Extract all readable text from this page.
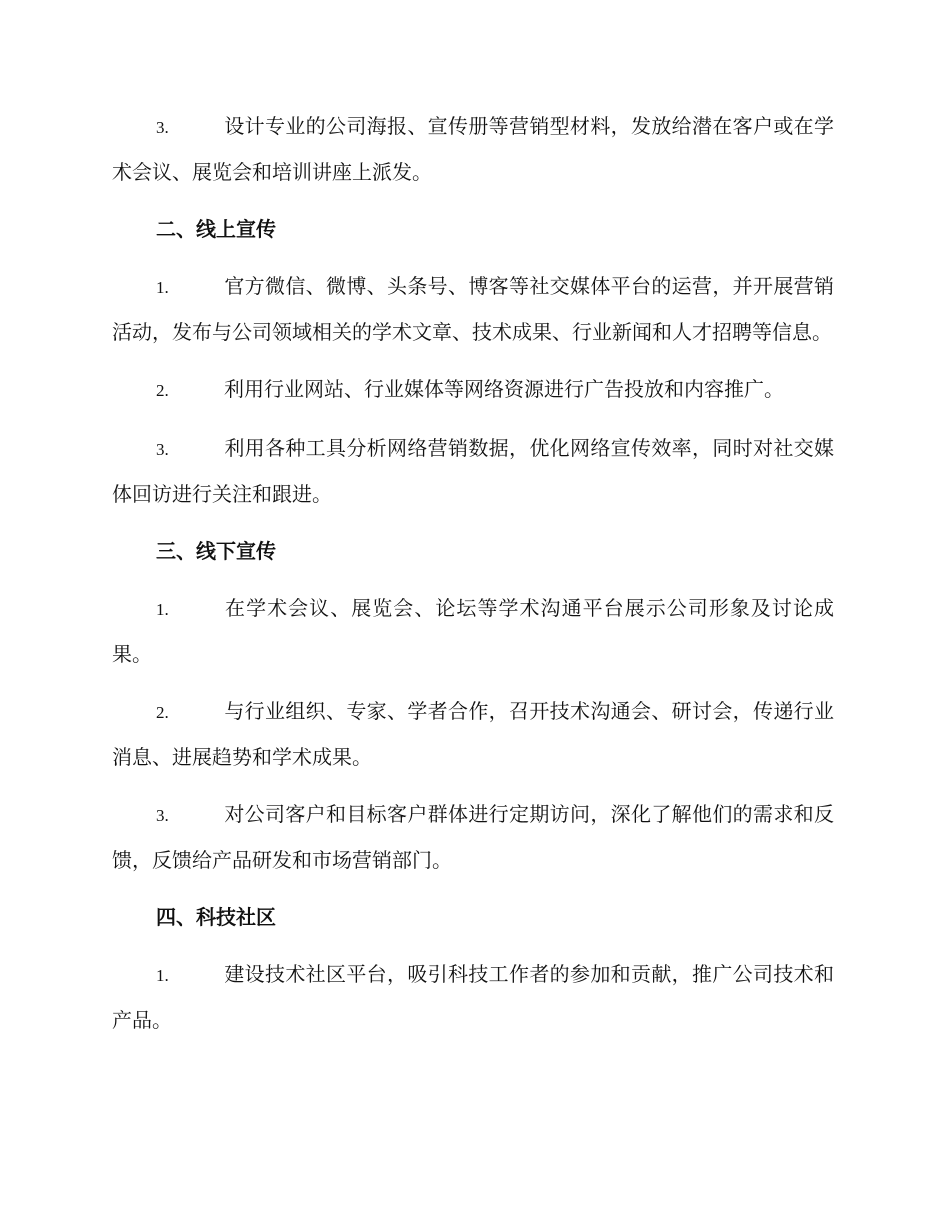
3.	设计专业的公司海报、宣传册等营销型材料，发放给潜在客户或在学术会议、展览会和培训讲座上派发。

二、线上宣传

1.	官方微信、微博、头条号、博客等社交媒体平台的运营，并开展营销活动，发布与公司领域相关的学术文章、技术成果、行业新闻和人才招聘等信息。

2.	利用行业网站、行业媒体等网络资源进行广告投放和内容推广。

3.	利用各种工具分析网络营销数据，优化网络宣传效率，同时对社交媒体回访进行关注和跟进。

三、线下宣传

1.	在学术会议、展览会、论坛等学术沟通平台展示公司形象及讨论成果。

2.	与行业组织、专家、学者合作，召开技术沟通会、研讨会，传递行业消息、进展趋势和学术成果。

3.	对公司客户和目标客户群体进行定期访问，深化了解他们的需求和反馈，反馈给产品研发和市场营销部门。

四、科技社区

1.	建设技术社区平台，吸引科技工作者的参加和贡献，推广公司技术和产品。
